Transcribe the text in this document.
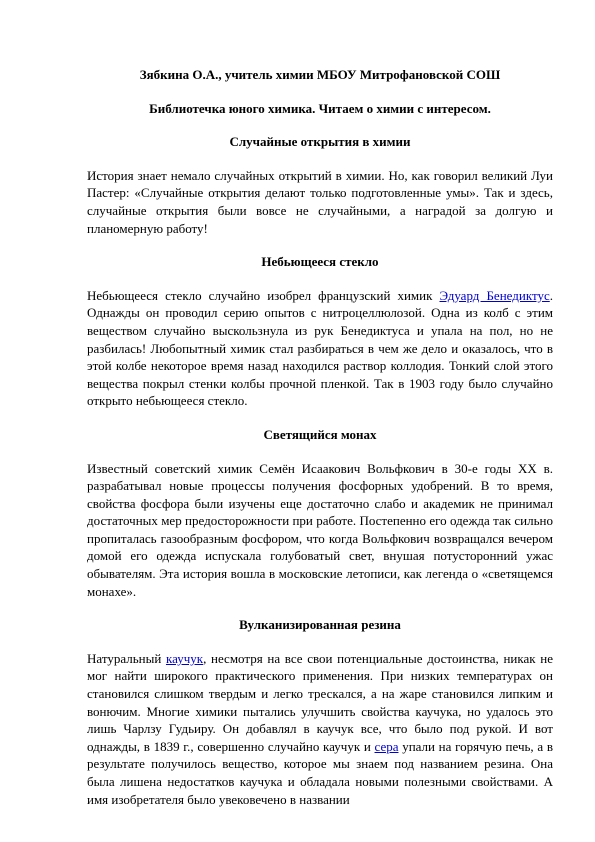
Зябкина О.А., учитель химии МБОУ Митрофановской СОШ

Библиотечка юного химика. Читаем о химии с интересом.

Случайные открытия в химии

История знает немало случайных открытий в химии. Но, как говорил великий Луи Пастер: «Случайные открытия делают только подготовленные умы». Так и здесь, случайные открытия были вовсе не случайными, а наградой за долгую и планомерную работу!

Небьющееся стекло

Небьющееся стекло случайно изобрел французский химик Эдуард Бенедиктус. Однажды он проводил серию опытов с нитроцеллюлозой. Одна из колб с этим веществом случайно выскользнула из рук Бенедиктуса и упала на пол, но не разбилась! Любопытный химик стал разбираться в чем же дело и оказалось, что в этой колбе некоторое время назад находился раствор коллодия. Тонкий слой этого вещества покрыл стенки колбы прочной пленкой. Так в 1903 году было случайно открыто небьющееся стекло.

Светящийся монах

Известный советский химик Семён Исаакович Вольфкович в 30-е годы XX в. разрабатывал новые процессы получения фосфорных удобрений. В то время, свойства фосфора были изучены еще достаточно слабо и академик не принимал достаточных мер предосторожности при работе. Постепенно его одежда так сильно пропиталась газообразным фосфором, что когда Вольфкович возвращался вечером домой его одежда испускала голубоватый свет, внушая потусторонний ужас обывателям. Эта история вошла в московские летописи, как легенда о «светящемся монахе».

Вулканизированная резина

Натуральный каучук, несмотря на все свои потенциальные достоинства, никак не мог найти широкого практического применения. При низких температурах он становился слишком твердым и легко трескался, а на жаре становился липким и вонючим. Многие химики пытались улучшить свойства каучука, но удалось это лишь Чарлзу Гудьиру. Он добавлял в каучук все, что было под рукой. И вот однажды, в 1839 г., совершенно случайно каучук и сера упали на горячую печь, а в результате получилось вещество, которое мы знаем под названием резина. Она была лишена недостатков каучука и обладала новыми полезными свойствами. А имя изобретателя было увековечено в названии
